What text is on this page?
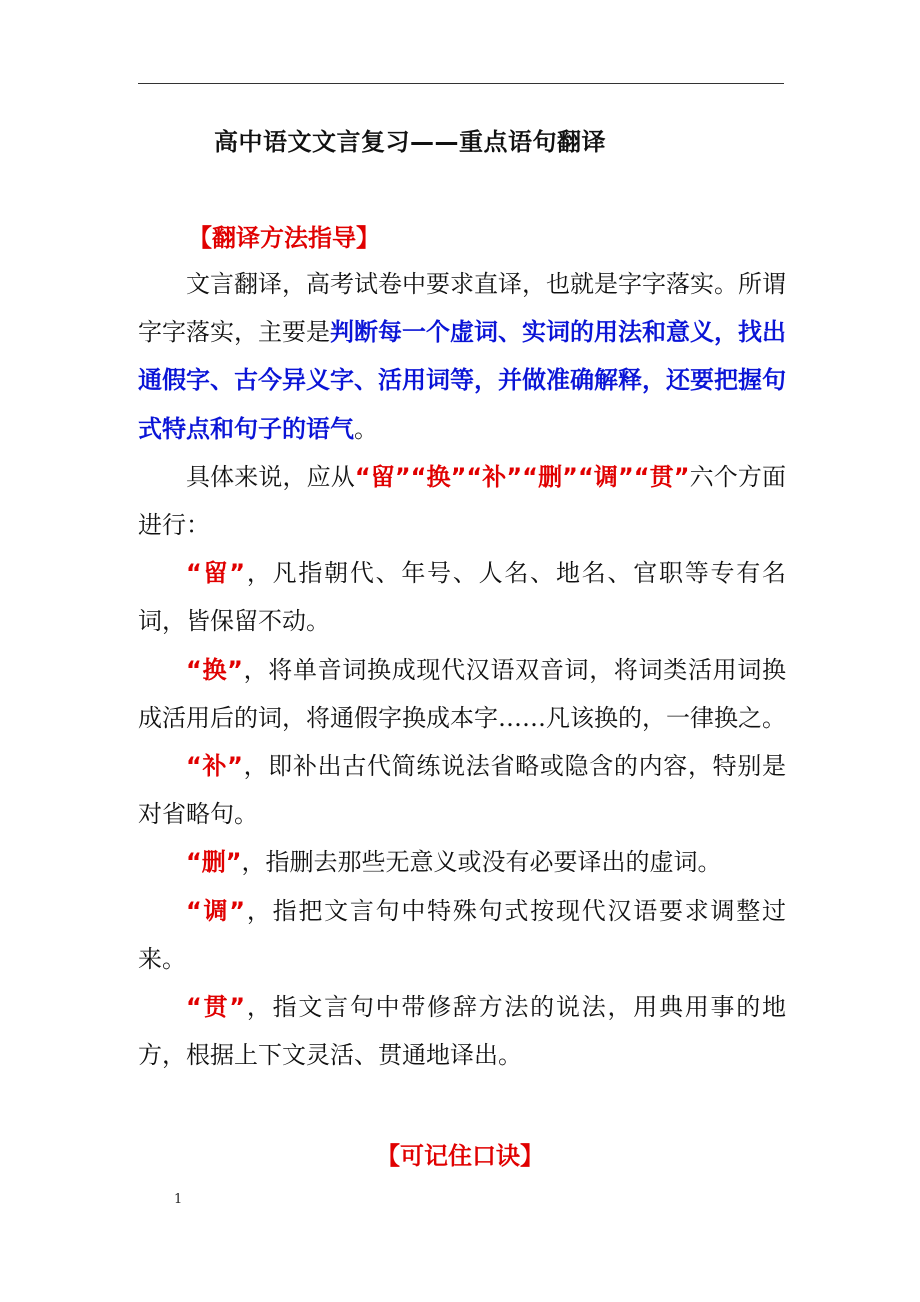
高中语文文言复习——重点语句翻译
【翻译方法指导】

文言翻译，高考试卷中要求直译，也就是字字落实。所谓字字落实，主要是判断每一个虚词、实词的用法和意义，找出通假字、古今异义字、活用词等，并做准确解释，还要把握句式特点和句子的语气。

具体来说，应从“留”“换”“补”“删”“调”“贯”六个方面进行：

“留”，凡指朝代、年号、人名、地名、官职等专有名词，皆保留不动。

“换”，将单音词换成现代汉语双音词，将词类活用词换成活用后的词，将通假字换成本字……凡该换的，一律换之。

“补”，即补出古代简练说法省略或隐含的内容，特别是对省略句。

“删”，指删去那些无意义或没有必要译出的虚词。

“调”，指把文言句中特殊句式按现代汉语要求调整过来。

“贯”，指文言句中带修辞方法的说法，用典用事的地方，根据上下文灵活、贯通地译出。

【可记住口诀】
1
